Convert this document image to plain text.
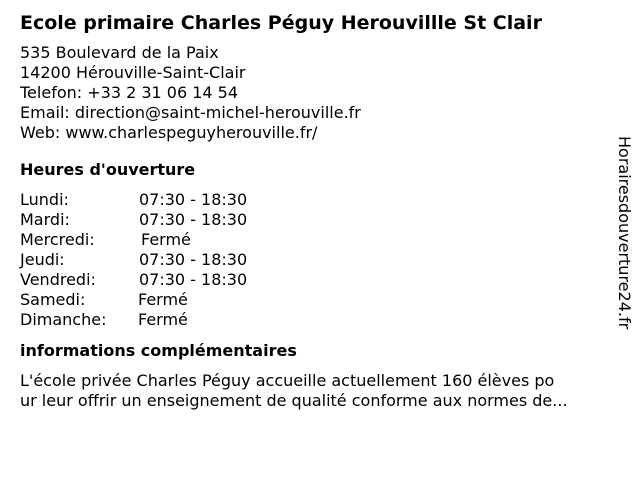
Ecole primaire Charles Péguy Herouvillle St Clair
535 Boulevard de la Paix
14200 Hérouville-Saint-Clair
Telefon: +33 2 31 06 14 54
Email: direction@saint-michel-herouville.fr
Web: www.charlespeguyherouville.fr/
Heures d'ouverture
Lundi:	07:30 - 18:30
Mardi:	07:30 - 18:30
Mercredi:	Fermé
Jeudi:	07:30 - 18:30
Vendredi:	07:30 - 18:30
Samedi:	Fermé
Dimanche:	Fermé
informations complémentaires
L'école privée Charles Péguy accueille actuellement 160 élèves po
ur leur offrir un enseignement de qualité conforme aux normes de...
Horairesdouverture24.fr
